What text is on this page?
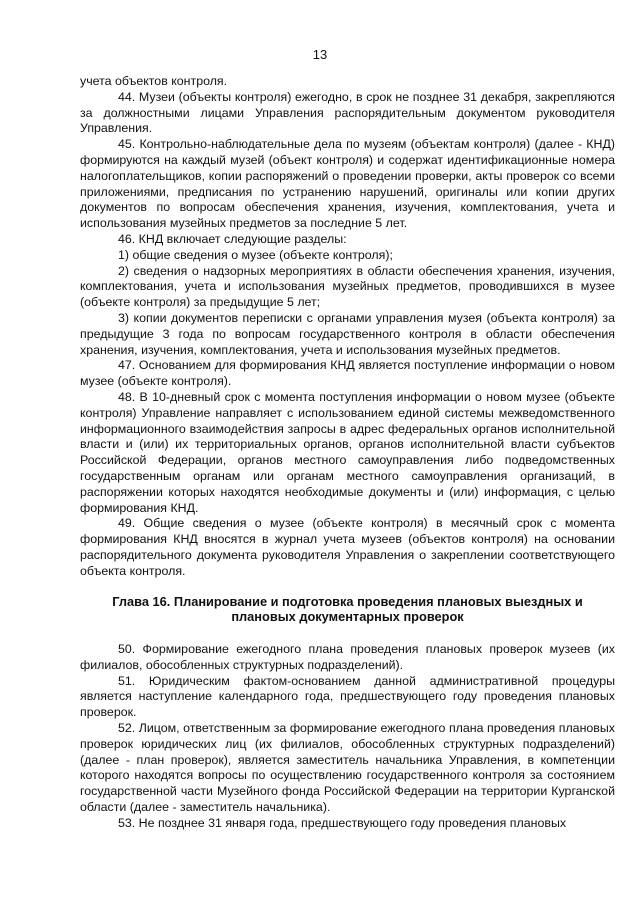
13

учета объектов контроля.

44. Музеи (объекты контроля) ежегодно, в срок не позднее 31 декабря, закрепляются за должностными лицами Управления распорядительным документом руководителя Управления.

45. Контрольно-наблюдательные дела по музеям (объектам контроля) (далее - КНД) формируются на каждый музей (объект контроля) и содержат идентификационные номера налогоплательщиков, копии распоряжений о проведении проверки, акты проверок со всеми приложениями, предписания по устранению нарушений, оригиналы или копии других документов по вопросам обеспечения хранения, изучения, комплектования, учета и использования музейных предметов за последние 5 лет.

46. КНД включает следующие разделы:

1) общие сведения о музее (объекте контроля);

2) сведения о надзорных мероприятиях в области обеспечения хранения, изучения, комплектования, учета и использования музейных предметов, проводившихся в музее (объекте контроля) за предыдущие 5 лет;

3) копии документов переписки с органами управления музея (объекта контроля) за предыдущие 3 года по вопросам государственного контроля в области обеспечения хранения, изучения, комплектования, учета и использования музейных предметов.

47. Основанием для формирования КНД является поступление информации о новом музее (объекте контроля).

48. В 10-дневный срок с момента поступления информации о новом музее (объекте контроля) Управление направляет с использованием единой системы межведомственного информационного взаимодействия запросы в адрес федеральных органов исполнительной власти и (или) их территориальных органов, органов исполнительной власти субъектов Российской Федерации, органов местного самоуправления либо подведомственных государственным органам или органам местного самоуправления организаций, в распоряжении которых находятся необходимые документы и (или) информация, с целью формирования КНД.

49. Общие сведения о музее (объекте контроля) в месячный срок с момента формирования КНД вносятся в журнал учета музеев (объектов контроля) на основании распорядительного документа руководителя Управления о закреплении соответствующего объекта контроля.

Глава 16. Планирование и подготовка проведения плановых выездных и плановых документарных проверок

50. Формирование ежегодного плана проведения плановых проверок музеев (их филиалов, обособленных структурных подразделений).

51. Юридическим фактом-основанием данной административной процедуры является наступление календарного года, предшествующего году проведения плановых проверок.

52. Лицом, ответственным за формирование ежегодного плана проведения плановых проверок юридических лиц (их филиалов, обособленных структурных подразделений) (далее - план проверок), является заместитель начальника Управления, в компетенции которого находятся вопросы по осуществлению государственного контроля за состоянием государственной части Музейного фонда Российской Федерации на территории Курганской области (далее - заместитель начальника).

53. Не позднее 31 января года, предшествующего году проведения плановых
